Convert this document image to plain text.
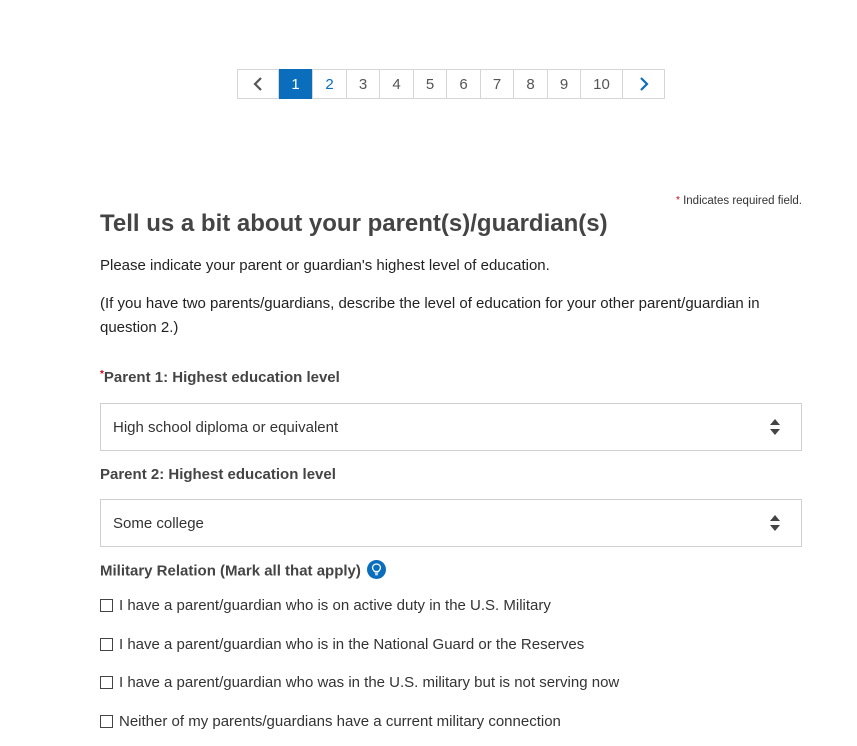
1	2	3	4	5	6	7	8	9	10
* Indicates required field.
Tell us a bit about your parent(s)/guardian(s)

Please indicate your parent or guardian's highest level of education.

(If you have two parents/guardians, describe the level of education for your other parent/guardian in question 2.)

*Parent 1: Highest education level
High school diploma or equivalent
Parent 2: Highest education level
Some college
Military Relation (Mark all that apply)
I have a parent/guardian who is on active duty in the U.S. Military
I have a parent/guardian who is in the National Guard or the Reserves
I have a parent/guardian who was in the U.S. military but is not serving now
Neither of my parents/guardians have a current military connection
